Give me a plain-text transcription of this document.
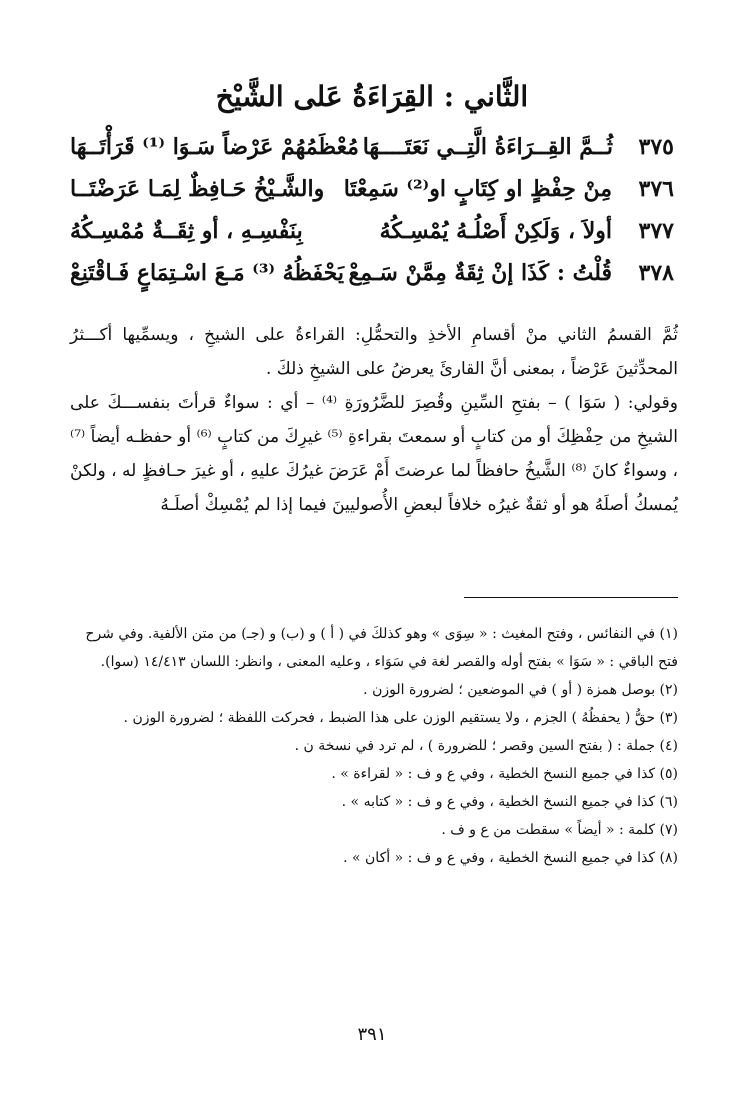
الثَّاني : القِرَاءَةُ عَلى الشَّيْخ
٣٧٥
ثُــمَّ القِــرَاءَةُ الَّتِــي نَعَتَــــهَا
مُعْظَمُهُمْ عَرْضاً سَـوَا ⁽¹⁾ قَرَأْتَــهَا
٣٧٦
مِنْ حِفْظٍ او كِتَابٍ او⁽²⁾ سَمِعْتَا
والشَّـيْخُ حَـافِظٌ لِمَـا عَرَضْتَــا
٣٧٧
أولاَ ، وَلَكِنْ أَصْلُـهُ يُمْسِـكُهُ
بِنَفْسِـهِ ، أو ثِقَــةٌ مُمْسِـكُهُ
٣٧٨
قُلْتُ : كَذَا إنْ ثِقَةٌ مِمَّنْ سَـمِعْ
يَحْفَظُهُ ⁽³⁾ مَـعَ اسْـتِمَاعٍ فَـاقْتَنِعْ

ثُمَّ القسمُ الثاني منْ أقسامِ الأخذِ والتحمُّلِ: القراءةُ على الشيخِ ، ويسمِّيها أكـــثرُ المحدِّثينَ عَرْضاً ، بمعنى أنَّ القارئَ يعرضُ على الشيخِ ذلكَ .

وقولي: ( سَوَا ) – بفتحِ السِّينِ وقُصِرَ للضَّرُورَةِ ⁽⁴⁾ – أي : سواءٌ قرأتَ بنفســـكَ على الشيخِ من حِفْظِكَ أو من كتابٍ أو سمعتَ بقراءةِ ⁽⁵⁾ غيرِكَ من كتابٍ ⁽⁶⁾ أو حفظـه أيضاً ⁽⁷⁾ ، وسواءٌ كانَ ⁽⁸⁾ الشَّيخُ حافظاً لما عرضتَ أَمْ عَرَضَ غيرُكَ عليهِ ، أو غيرَ حـافظٍ له ، ولكنْ يُمسكُ أصلَهُ هو أو ثقةٌ غيرُه خلافاً لبعضِ الأُصوليينَ فيما إذا لم يُمْسِكْ أصلَـهُ

(١) في النفائس ، وفتح المغيث : « سِوَى » وهو كذلكَ في ( أ ) و (ب) و (جـ) من متن الألفية. وفي شرح

فتح الباقي : « سَوَا » بفتح أوله والقصر لغة في سَوَاء ، وعليه المعنى ، وانظر: اللسان ١٤/٤١٣ (سوا).

(٢) بوصل همزة ( أو ) في الموضعين ؛ لضرورة الوزن .

(٣) حقُّ ( يحفظُهُ ) الجزم ، ولا يستقيم الوزن على هذا الضبط ، فحركت اللفظة ؛ لضرورة الوزن .

(٤) جملة : ( بفتح السين وقصر ؛ للضرورة ) ، لم ترد في نسخة ن .

(٥) كذا في جميع النسخ الخطية ، وفي ع و ف : « لقراءة » .

(٦) كذا في جميع النسخ الخطية ، وفي ع و ف : « كتابه » .

(٧) كلمة : « أيضاً » سقطت من ع و ف .

(٨) كذا في جميع النسخ الخطية ، وفي ع و ف : « أكان » .

٣٩١
